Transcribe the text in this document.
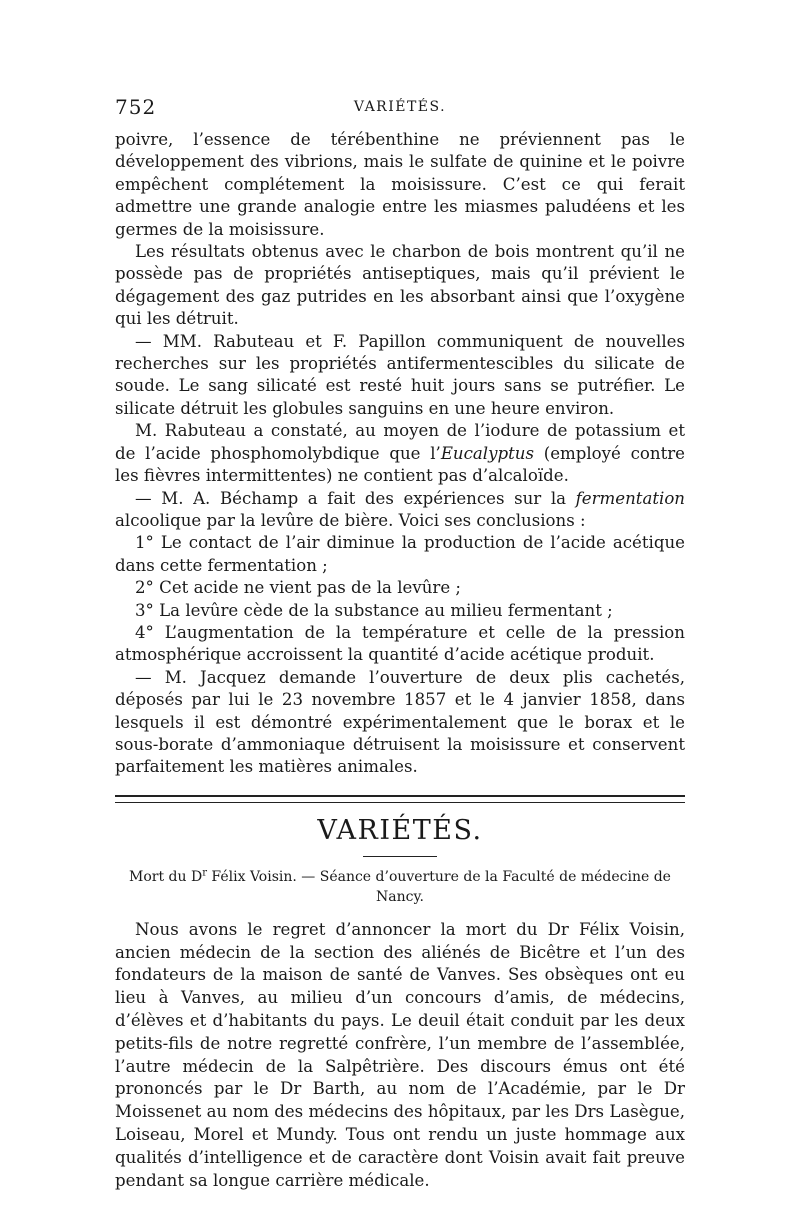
752	VARIÉTÉS.

poivre, l’essence de térébenthine ne préviennent pas le développement des vibrions, mais le sulfate de quinine et le poivre empêchent complétement la moisissure. C’est ce qui ferait admettre une grande analogie entre les miasmes paludéens et les germes de la moisissure.

Les résultats obtenus avec le charbon de bois montrent qu’il ne possède pas de propriétés antiseptiques, mais qu’il prévient le dégagement des gaz putrides en les absorbant ainsi que l’oxygène qui les détruit.

— MM. Rabuteau et F. Papillon communiquent de nouvelles recherches sur les propriétés antifermentescibles du silicate de soude. Le sang silicaté est resté huit jours sans se putréfier. Le silicate détruit les globules sanguins en une heure environ.

M. Rabuteau a constaté, au moyen de l’iodure de potassium et de l’acide phosphomolybdique que l’Eucalyptus (employé contre les fièvres intermittentes) ne contient pas d’alcaloïde.

— M. A. Béchamp a fait des expériences sur la fermentation alcoolique par la levûre de bière. Voici ses conclusions :

1° Le contact de l’air diminue la production de l’acide acétique dans cette fermentation ;

2° Cet acide ne vient pas de la levûre ;

3° La levûre cède de la substance au milieu fermentant ;

4° L’augmentation de la température et celle de la pression atmosphérique accroissent la quantité d’acide acétique produit.

— M. Jacquez demande l’ouverture de deux plis cachetés, déposés par lui le 23 novembre 1857 et le 4 janvier 1858, dans lesquels il est démontré expérimentalement que le borax et le sous-borate d’ammoniaque détruisent la moisissure et conservent parfaitement les matières animales.

VARIÉTÉS.
Mort du $D^r$ Félix Voisin. — Séance d’ouverture de la Faculté de médecine de Nancy.

Nous avons le regret d’annoncer la mort du Dr Félix Voisin, ancien médecin de la section des aliénés de Bicêtre et l’un des fondateurs de la maison de santé de Vanves. Ses obsèques ont eu lieu à Vanves, au milieu d’un concours d’amis, de médecins, d’élèves et d’habitants du pays. Le deuil était conduit par les deux petits-fils de notre regretté confrère, l’un membre de l’assemblée, l’autre médecin de la Salpêtrière. Des discours émus ont été prononcés par le Dr Barth, au nom de l’Académie, par le Dr Moissenet au nom des médecins des hôpitaux, par les Drs Lasègue, Loiseau, Morel et Mundy. Tous ont rendu un juste hommage aux qualités d’intelligence et de caractère dont Voisin avait fait preuve pendant sa longue carrière médicale.
